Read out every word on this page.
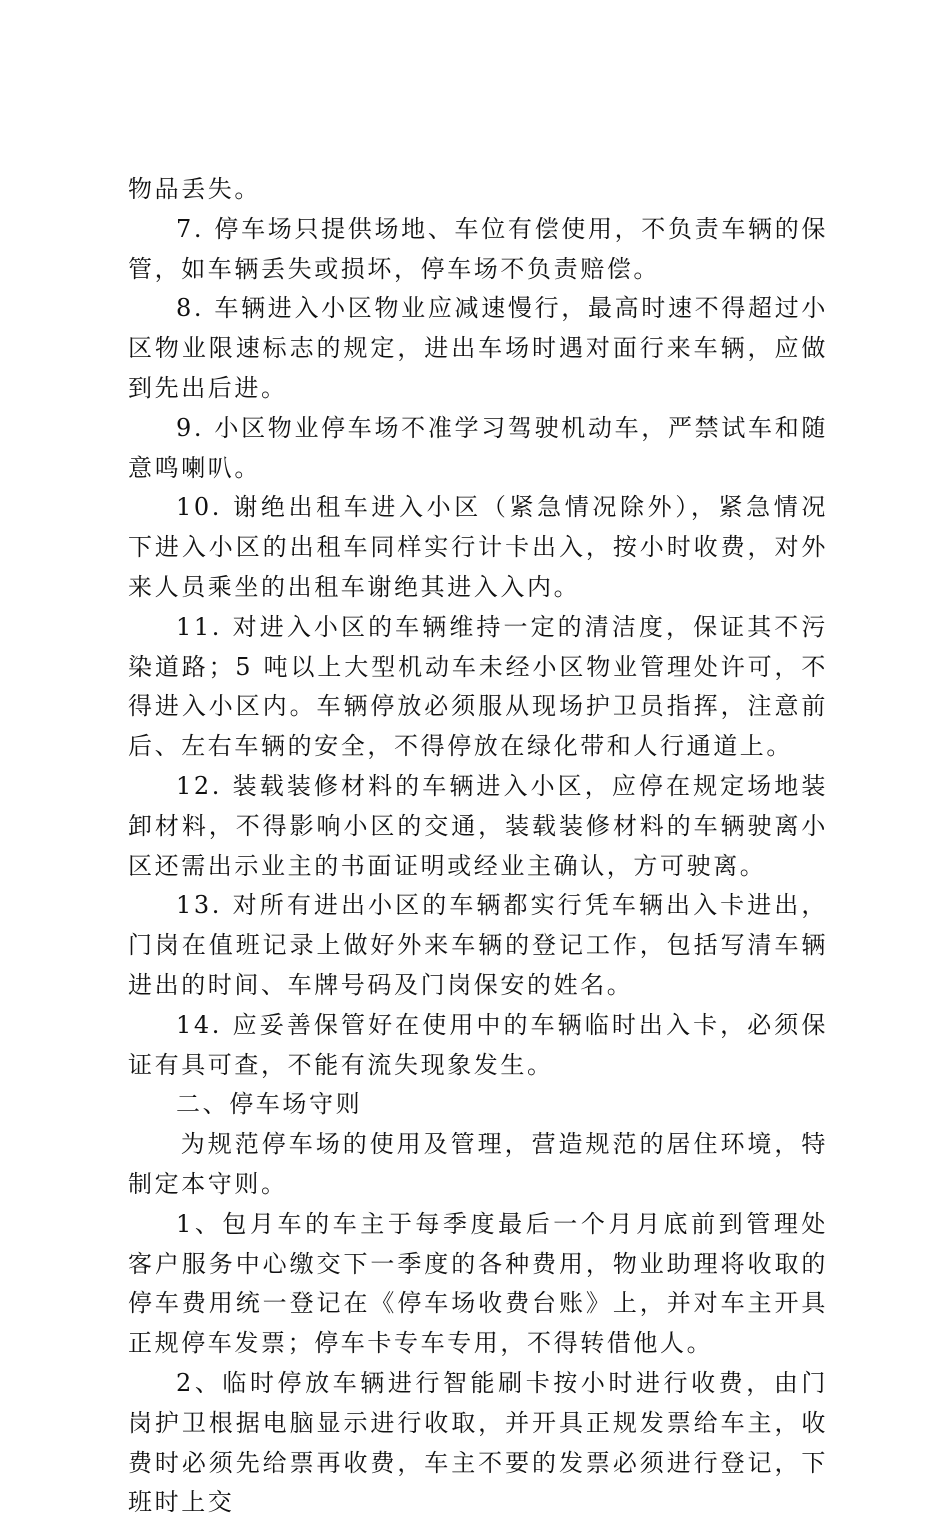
物品丢失。

7. 停车场只提供场地、车位有偿使用，不负责车辆的保管，如车辆丢失或损坏，停车场不负责赔偿。

8. 车辆进入小区物业应减速慢行，最高时速不得超过小区物业限速标志的规定，进出车场时遇对面行来车辆，应做到先出后进。

9. 小区物业停车场不准学习驾驶机动车，严禁试车和随意鸣喇叭。

10. 谢绝出租车进入小区（紧急情况除外），紧急情况下进入小区的出租车同样实行计卡出入，按小时收费，对外来人员乘坐的出租车谢绝其进入入内。

11. 对进入小区的车辆维持一定的清洁度，保证其不污染道路；5 吨以上大型机动车未经小区物业管理处许可，不得进入小区内。车辆停放必须服从现场护卫员指挥，注意前后、左右车辆的安全，不得停放在绿化带和人行通道上。

12. 装载装修材料的车辆进入小区，应停在规定场地装卸材料，不得影响小区的交通，装载装修材料的车辆驶离小区还需出示业主的书面证明或经业主确认，方可驶离。

13. 对所有进出小区的车辆都实行凭车辆出入卡进出，门岗在值班记录上做好外来车辆的登记工作，包括写清车辆进出的时间、车牌号码及门岗保安的姓名。

14. 应妥善保管好在使用中的车辆临时出入卡，必须保证有具可查，不能有流失现象发生。

二、停车场守则

为规范停车场的使用及管理，营造规范的居住环境，特制定本守则。

1、包月车的车主于每季度最后一个月月底前到管理处客户服务中心缴交下一季度的各种费用，物业助理将收取的停车费用统一登记在《停车场收费台账》上，并对车主开具正规停车发票；停车卡专车专用，不得转借他人。

2、临时停放车辆进行智能刷卡按小时进行收费，由门岗护卫根据电脑显示进行收取，并开具正规发票给车主，收费时必须先给票再收费，车主不要的发票必须进行登记，下班时上交
